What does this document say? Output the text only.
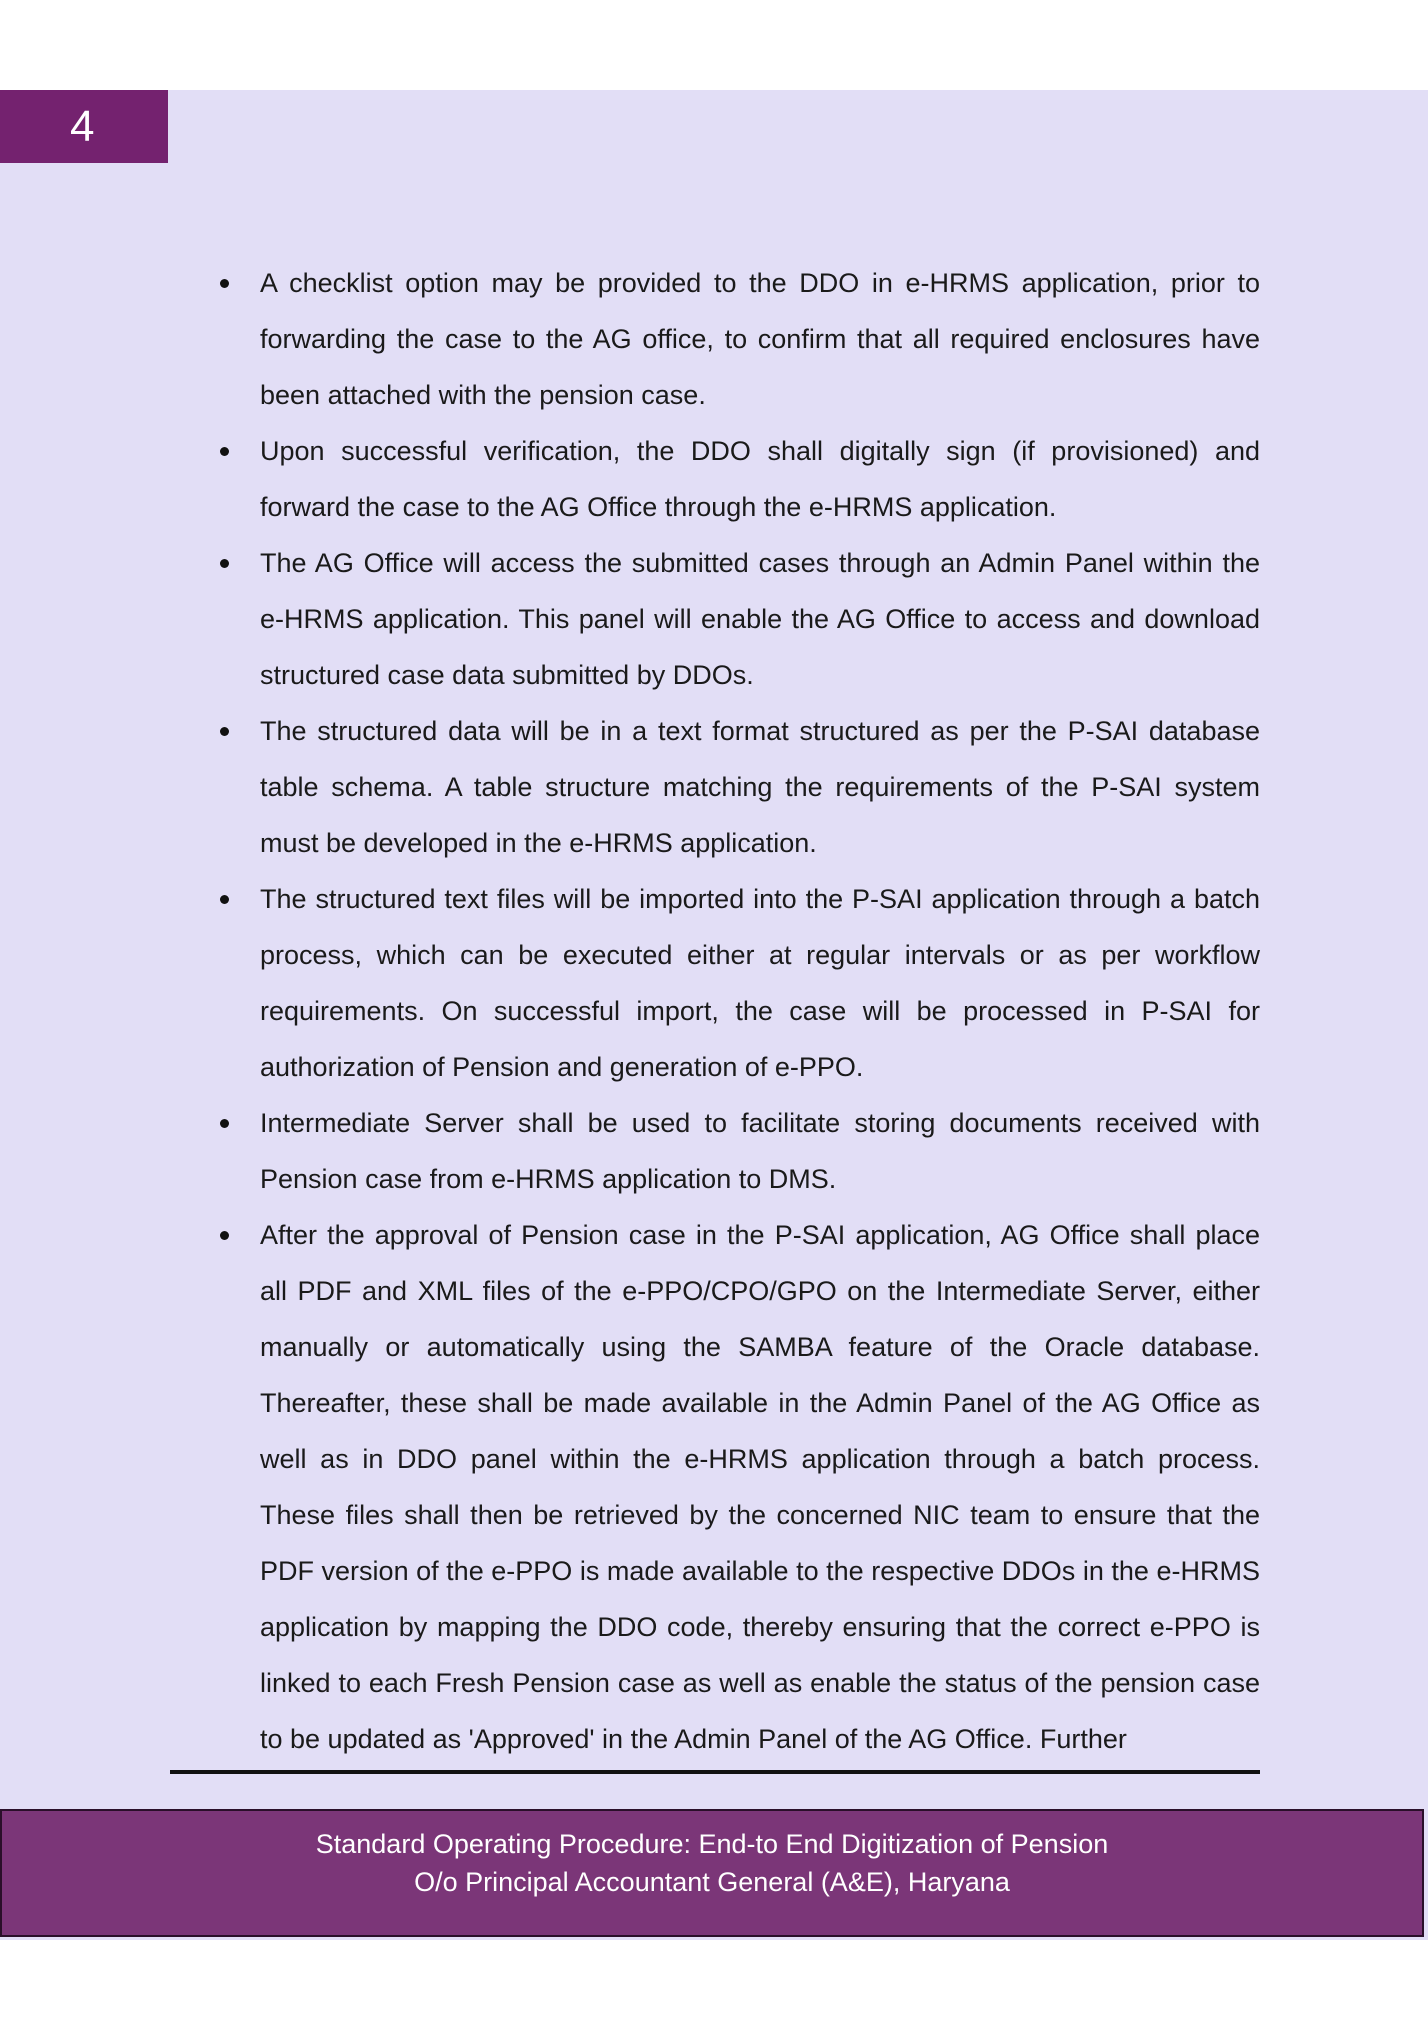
4
A checklist option may be provided to the DDO in e-HRMS application, prior to forwarding the case to the AG office, to confirm that all required enclosures have been attached with the pension case.
Upon successful verification, the DDO shall digitally sign (if provisioned) and forward the case to the AG Office through the e-HRMS application.
The AG Office will access the submitted cases through an Admin Panel within the e-HRMS application. This panel will enable the AG Office to access and download structured case data submitted by DDOs.
The structured data will be in a text format structured as per the P-SAI database table schema. A table structure matching the requirements of the P-SAI system must be developed in the e-HRMS application.
The structured text files will be imported into the P-SAI application through a batch process, which can be executed either at regular intervals or as per workflow requirements. On successful import, the case will be processed in P-SAI for authorization of Pension and generation of e-PPO.
Intermediate Server shall be used to facilitate storing documents received with Pension case from e-HRMS application to DMS.
After the approval of Pension case in the P-SAI application, AG Office shall place all PDF and XML files of the e-PPO/CPO/GPO on the Intermediate Server, either manually or automatically using the SAMBA feature of the Oracle database. Thereafter, these shall be made available in the Admin Panel of the AG Office as well as in DDO panel within the e-HRMS application through a batch process. These files shall then be retrieved by the concerned NIC team to ensure that the PDF version of the e-PPO is made available to the respective DDOs in the e-HRMS application by mapping the DDO code, thereby ensuring that the correct e-PPO is linked to each Fresh Pension case as well as enable the status of the pension case to be updated as 'Approved' in the Admin Panel of the AG Office. Further
Standard Operating Procedure: End-to End Digitization of Pension
O/o Principal Accountant General (A&E), Haryana
